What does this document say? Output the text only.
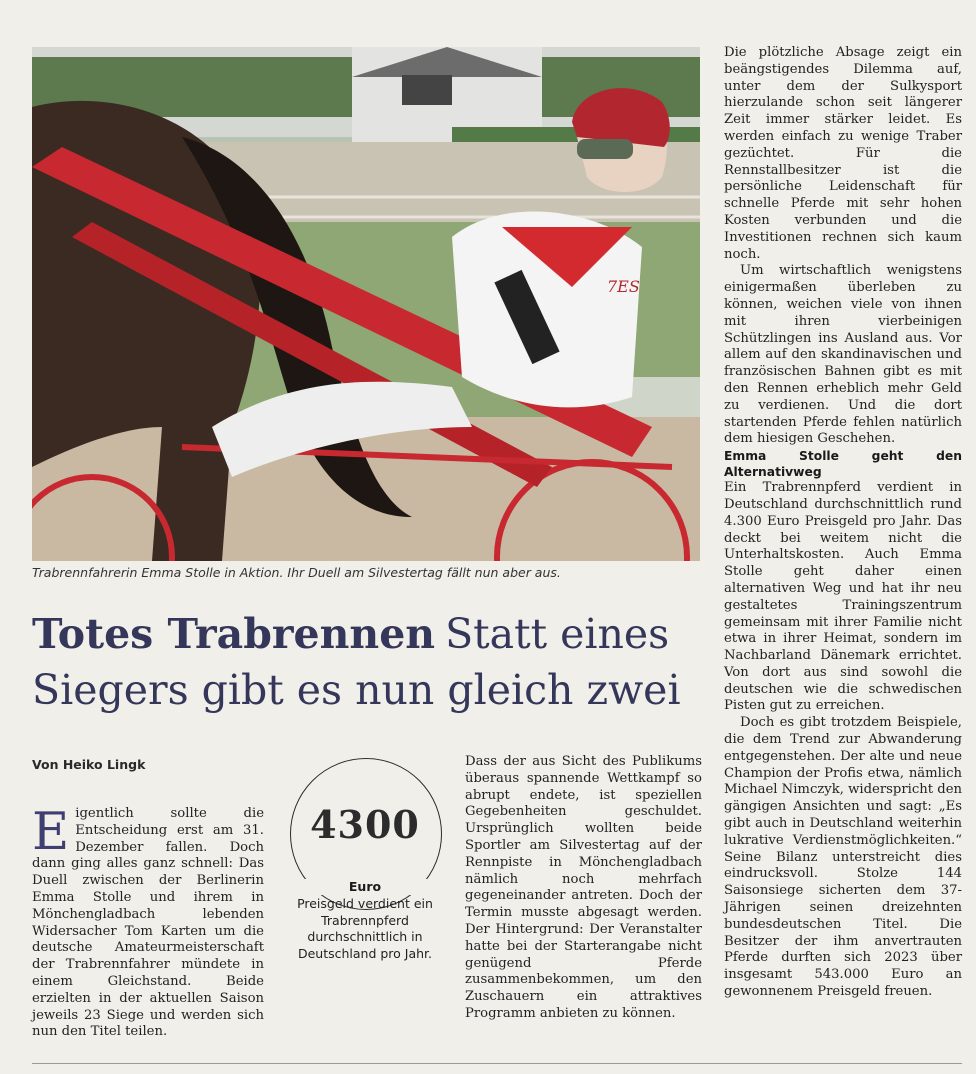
7ES
Trabrennfahrerin Emma Stolle in Aktion. Ihr Duell am Silvestertag fällt nun aber aus.
Totes Trabrennen Statt eines
Siegers gibt es nun gleich zwei
Von Heiko Lingk

Eigentlich sollte die Entscheidung erst am 31. Dezember fallen. Doch dann ging alles ganz schnell: Das Duell zwischen der Berlinerin Emma Stolle und ihrem in Mönchengladbach lebenden Widersacher Tom Karten um die deutsche Amateurmeisterschaft der Trabrennfahrer mündete in einem Gleichstand. Beide erzielten in der aktuellen Saison jeweils 23 Siege und werden sich nun den Titel teilen.

4300
Euro
Preisgeld verdient ein Trabrennpferd durchschnittlich in Deutschland pro Jahr.

Dass der aus Sicht des Publikums überaus spannende Wettkampf so abrupt endete, ist speziellen Gegebenheiten geschuldet. Ursprünglich wollten beide Sportler am Silvestertag auf der Rennpiste in Mönchengladbach nämlich noch mehrfach gegeneinander antreten. Doch der Termin musste abgesagt werden. Der Hintergrund: Der Veranstalter hatte bei der Starterangabe nicht genügend Pferde zusammenbekommen, um den Zuschauern ein attraktives Programm anbieten zu können.

Die plötzliche Absage zeigt ein beängstigendes Dilemma auf, unter dem der Sulkysport hierzulande schon seit längerer Zeit immer stärker leidet. Es werden einfach zu wenige Traber gezüchtet. Für die Rennstallbesitzer ist die persönliche Leidenschaft für schnelle Pferde mit sehr hohen Kosten verbunden und die Investitionen rechnen sich kaum noch.

Um wirtschaftlich wenigstens einigermaßen überleben zu können, weichen viele von ihnen mit ihren vierbeinigen Schützlingen ins Ausland aus. Vor allem auf den skandinavischen und französischen Bahnen gibt es mit den Rennen erheblich mehr Geld zu verdienen. Und die dort startenden Pferde fehlen natürlich dem hiesigen Geschehen.

Emma Stolle geht den Alternativweg

Ein Trabrennpferd verdient in Deutschland durchschnittlich rund 4.300 Euro Preisgeld pro Jahr. Das deckt bei weitem nicht die Unterhaltskosten. Auch Emma Stolle geht daher einen alternativen Weg und hat ihr neu gestaltetes Trainingszentrum gemeinsam mit ihrer Familie nicht etwa in ihrer Heimat, sondern im Nachbarland Dänemark errichtet. Von dort aus sind sowohl die deutschen wie die schwedischen Pisten gut zu erreichen.

Doch es gibt trotzdem Beispiele, die dem Trend zur Abwanderung entgegenstehen. Der alte und neue Champion der Profis etwa, nämlich Michael Nimczyk, widerspricht den gängigen Ansichten und sagt: „Es gibt auch in Deutschland weiterhin lukrative Verdienstmöglichkeiten.“ Seine Bilanz unterstreicht dies eindrucksvoll. Stolze 144 Saisonsiege sicherten dem 37-Jährigen seinen dreizehnten bundesdeutschen Titel. Die Besitzer der ihm anvertrauten Pferde durften sich 2023 über insgesamt 543.000 Euro an gewonnenem Preisgeld freuen.
